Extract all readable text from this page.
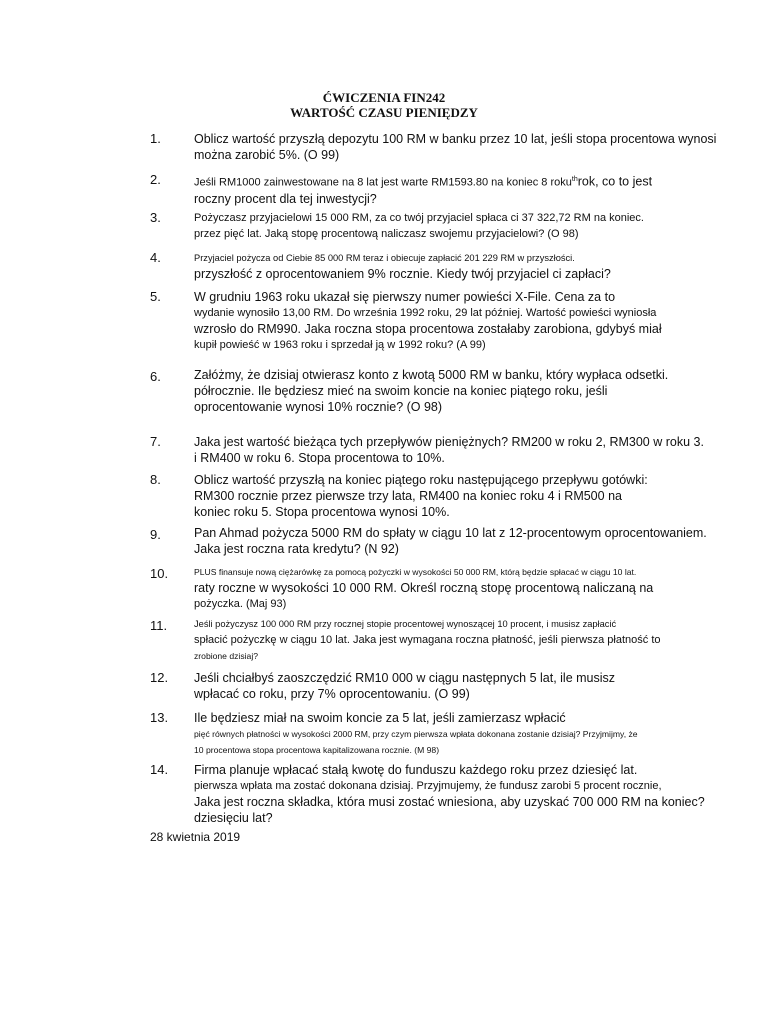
ĆWICZENIA FIN242
WARTOŚĆ CZASU PIENIĘDZY
1.	Oblicz wartość przyszłą depozytu 100 RM w banku przez 10 lat, jeśli stopa procentowa wynosi
można zarobić 5%. (O 99)
2.	Jeśli RM1000 zainwestowane na 8 lat jest warte RM1593.80 na koniec 8 roku$^{th}$rok, co to jest
roczny procent dla tej inwestycji?
3.	Pożyczasz przyjacielowi 15 000 RM, za co twój przyjaciel spłaca ci 37 322,72 RM na koniec.
przez pięć lat. Jaką stopę procentową naliczasz swojemu przyjacielowi? (O 98)
4.	Przyjaciel pożycza od Ciebie 85 000 RM teraz i obiecuje zapłacić 201 229 RM w przyszłości.
przyszłość z oprocentowaniem 9% rocznie. Kiedy twój przyjaciel ci zapłaci?
5.	W grudniu 1963 roku ukazał się pierwszy numer powieści X-File. Cena za to
wydanie wynosiło 13,00 RM. Do września 1992 roku, 29 lat później. Wartość powieści wyniosła
wzrosło do RM990. Jaka roczna stopa procentowa zostałaby zarobiona, gdybyś miał
kupił powieść w 1963 roku i sprzedał ją w 1992 roku? (A 99)
6.	Załóżmy, że dzisiaj otwierasz konto z kwotą 5000 RM w banku, który wypłaca odsetki.
półrocznie. Ile będziesz mieć na swoim koncie na koniec piątego roku, jeśli
oprocentowanie wynosi 10% rocznie? (O 98)
7.	Jaka jest wartość bieżąca tych przepływów pieniężnych? RM200 w roku 2, RM300 w roku 3.
i RM400 w roku 6. Stopa procentowa to 10%.
8.	Oblicz wartość przyszłą na koniec piątego roku następującego przepływu gotówki:
RM300 rocznie przez pierwsze trzy lata, RM400 na koniec roku 4 i RM500 na
koniec roku 5. Stopa procentowa wynosi 10%.
9.	Pan Ahmad pożycza 5000 RM do spłaty w ciągu 10 lat z 12-procentowym oprocentowaniem.
Jaka jest roczna rata kredytu? (N 92)
10.	PLUS finansuje nową ciężarówkę za pomocą pożyczki w wysokości 50 000 RM, którą będzie spłacać w ciągu 10 lat.
raty roczne w wysokości 10 000 RM. Określ roczną stopę procentową naliczaną na
pożyczka. (Maj 93)
11.	Jeśli pożyczysz 100 000 RM przy rocznej stopie procentowej wynoszącej 10 procent, i musisz zapłacić
spłacić pożyczkę w ciągu 10 lat. Jaka jest wymagana roczna płatność, jeśli pierwsza płatność to
zrobione dzisiaj?
12. Jeśli chciałbyś zaoszczędzić RM10 000 w ciągu następnych 5 lat, ile musisz
wpłacać co roku, przy 7% oprocentowaniu. (O 99)
13. Ile będziesz miał na swoim koncie za 5 lat, jeśli zamierzasz wpłacić
pięć równych płatności w wysokości 2000 RM, przy czym pierwsza wpłata dokonana zostanie dzisiaj? Przyjmijmy, że
10 procentowa stopa procentowa kapitalizowana rocznie. (M 98)
14. Firma planuje wpłacać stałą kwotę do funduszu każdego roku przez dziesięć lat.
pierwsza wpłata ma zostać dokonana dzisiaj. Przyjmujemy, że fundusz zarobi 5 procent rocznie,
Jaka jest roczna składka, która musi zostać wniesiona, aby uzyskać 700 000 RM na koniec?
dziesięciu lat?
28 kwietnia 2019
